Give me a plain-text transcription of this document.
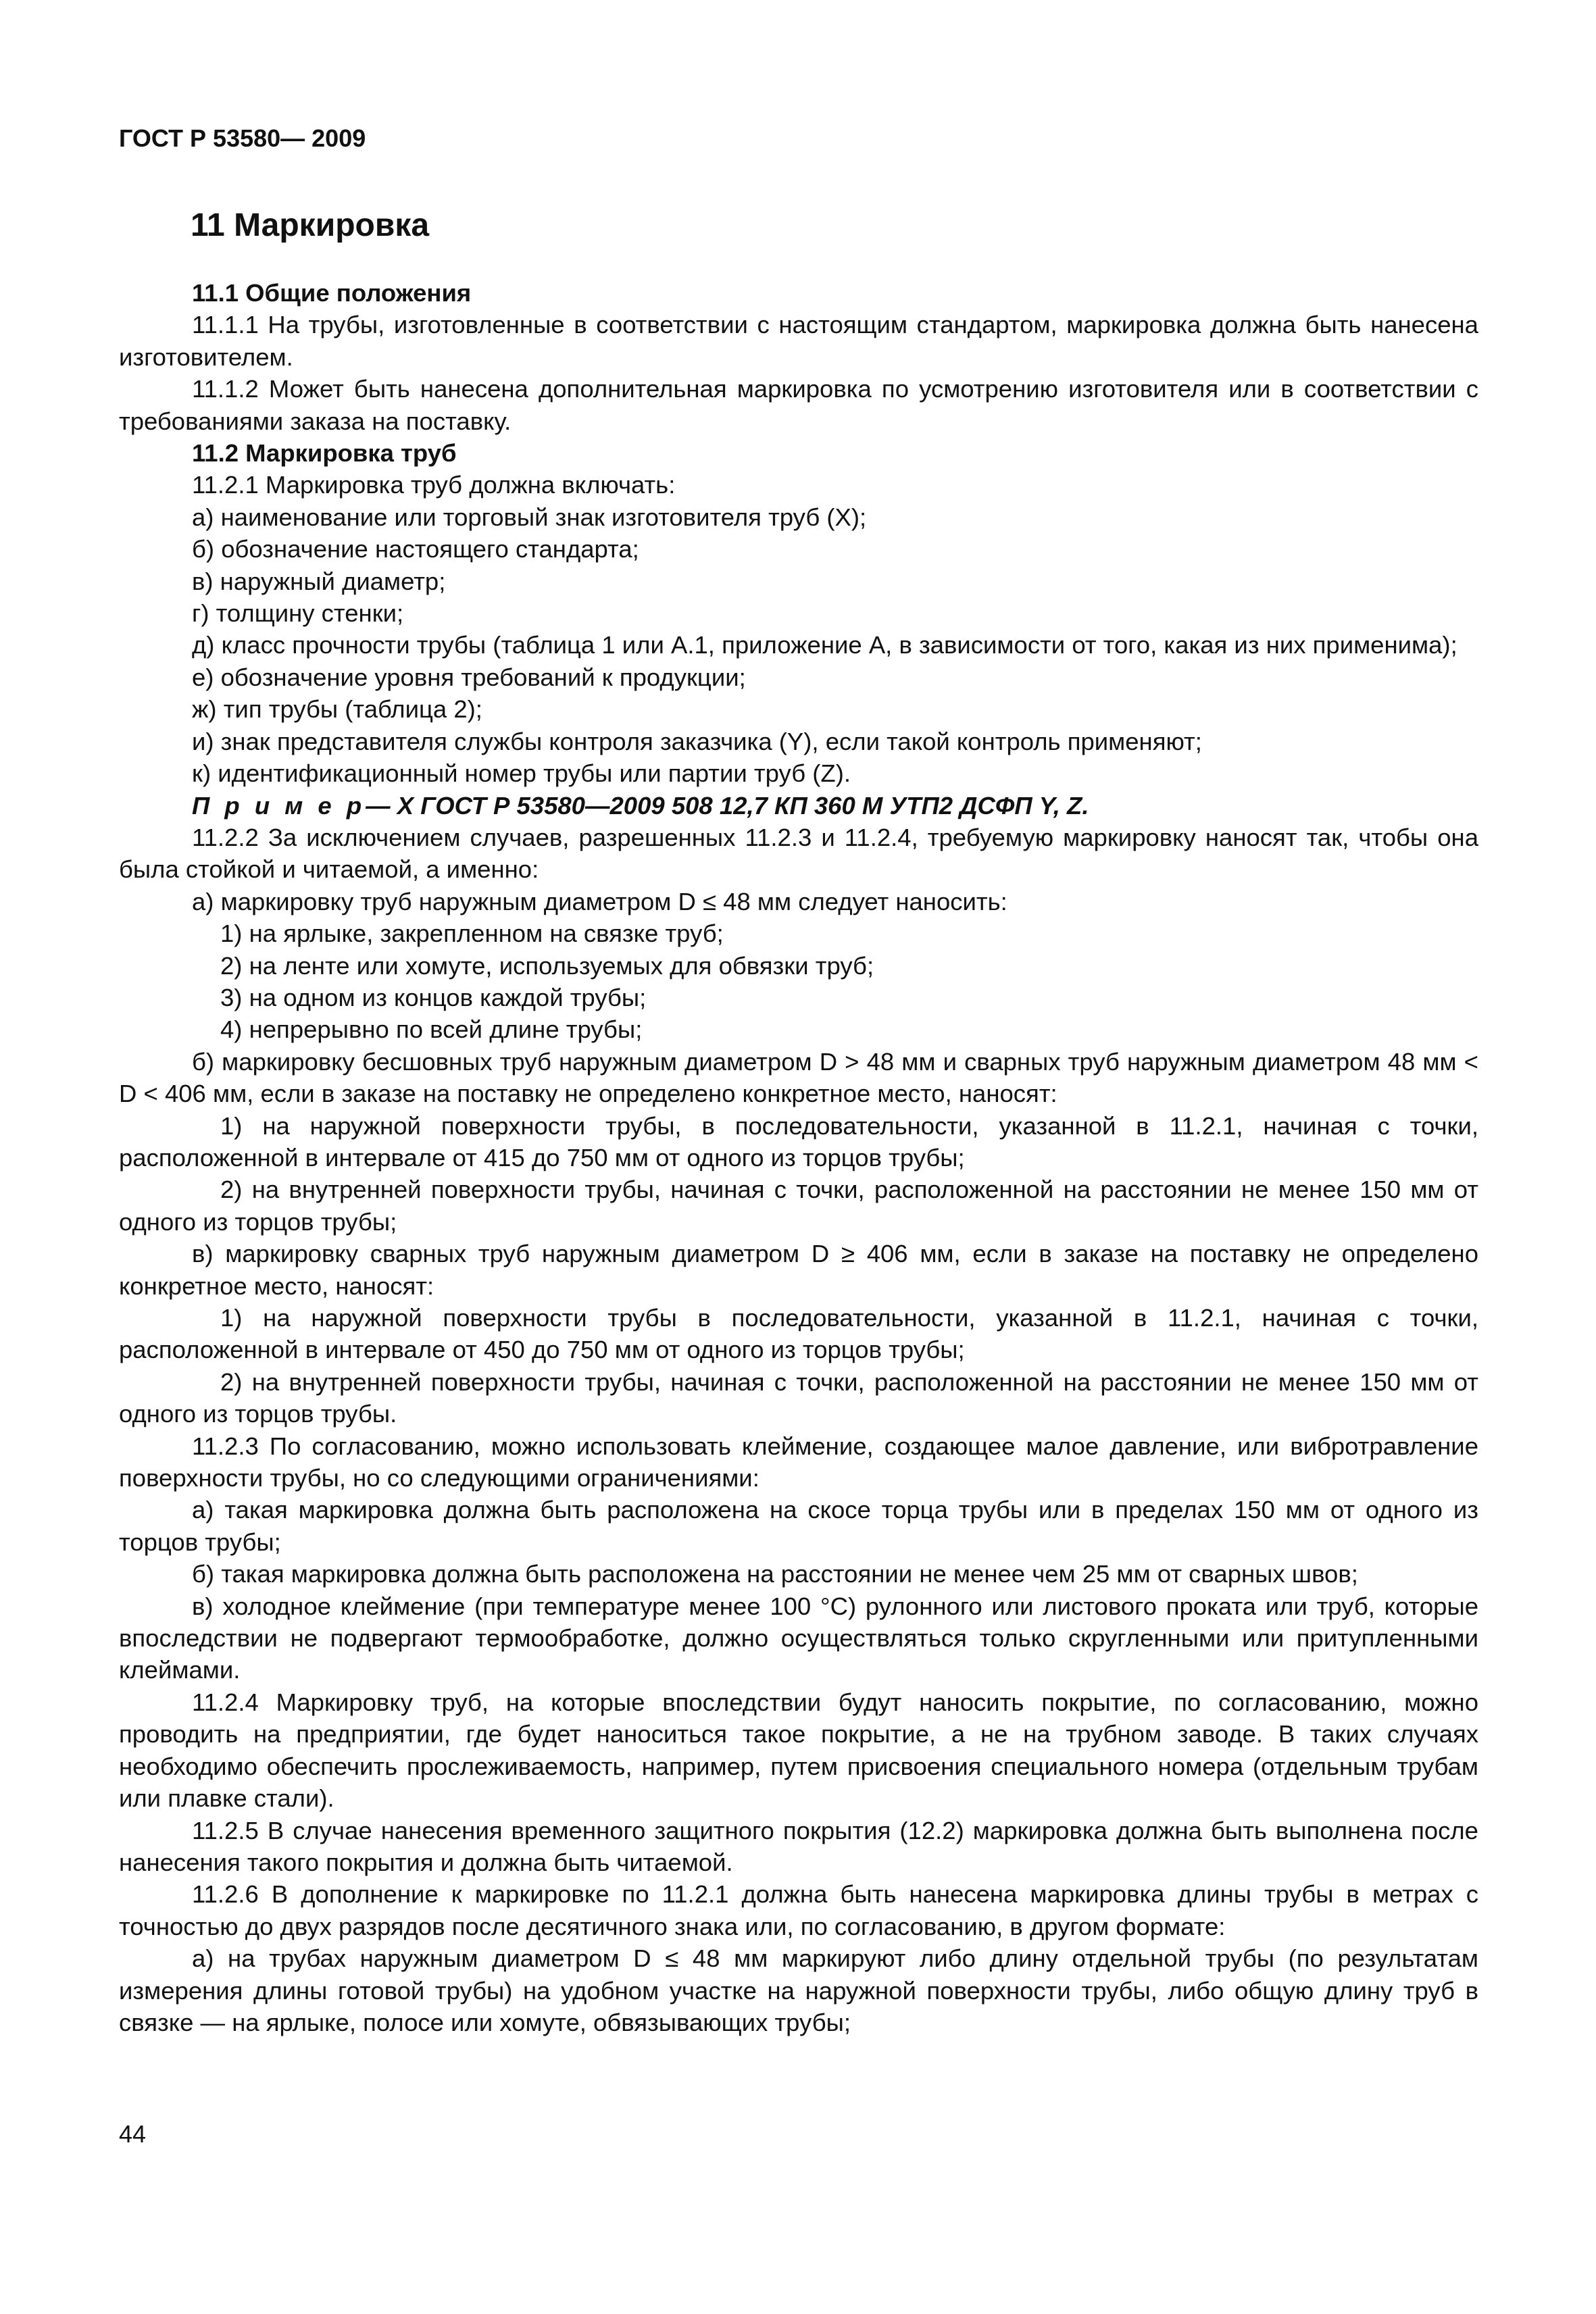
ГОСТ Р 53580— 2009
11 Маркировка

11.1 Общие положения

11.1.1 На трубы, изготовленные в соответствии с настоящим стандартом, маркировка должна быть нанесена изготовителем.

11.1.2 Может быть нанесена дополнительная маркировка по усмотрению изготовителя или в соответствии с требованиями заказа на поставку.

11.2 Маркировка труб

11.2.1 Маркировка труб должна включать:

а) наименование или торговый знак изготовителя труб (X);

б) обозначение настоящего стандарта;

в) наружный диаметр;

г) толщину стенки;

д) класс прочности трубы (таблица 1 или А.1, приложение А, в зависимости от того, какая из них применима);

е) обозначение уровня требований к продукции;

ж) тип трубы (таблица 2);

и) знак представителя службы контроля заказчика (Y), если такой контроль применяют;

к) идентификационный номер трубы или партии труб (Z).

П р и м е р— X ГОСТ Р 53580—2009 508 12,7 КП 360 М УТП2 ДСФП Y, Z.

11.2.2 За исключением случаев, разрешенных 11.2.3 и 11.2.4, требуемую маркировку наносят так, чтобы она была стойкой и читаемой, а именно:

а) маркировку труб наружным диаметром D ≤ 48 мм следует наносить:

1) на ярлыке, закрепленном на связке труб;

2) на ленте или хомуте, используемых для обвязки труб;

3) на одном из концов каждой трубы;

4) непрерывно по всей длине трубы;

б) маркировку бесшовных труб наружным диаметром D > 48 мм и сварных труб наружным диаметром 48 мм < D < 406 мм, если в заказе на поставку не определено конкретное место, наносят:

1) на наружной поверхности трубы, в последовательности, указанной в 11.2.1, начиная с точки, расположенной в интервале от 415 до 750 мм от одного из торцов трубы;

2) на внутренней поверхности трубы, начиная с точки, расположенной на расстоянии не менее 150 мм от одного из торцов трубы;

в) маркировку сварных труб наружным диаметром D ≥ 406 мм, если в заказе на поставку не определено конкретное место, наносят:

1) на наружной поверхности трубы в последовательности, указанной в 11.2.1, начиная с точки, расположенной в интервале от 450 до 750 мм от одного из торцов трубы;

2) на внутренней поверхности трубы, начиная с точки, расположенной на расстоянии не менее 150 мм от одного из торцов трубы.

11.2.3 По согласованию, можно использовать клеймение, создающее малое давление, или вибротравление поверхности трубы, но со следующими ограничениями:

а) такая маркировка должна быть расположена на скосе торца трубы или в пределах 150 мм от одного из торцов трубы;

б) такая маркировка должна быть расположена на расстоянии не менее чем 25 мм от сварных швов;

в) холодное клеймение (при температуре менее 100 °С) рулонного или листового проката или труб, которые впоследствии не подвергают термообработке, должно осуществляться только скругленными или притупленными клеймами.

11.2.4 Маркировку труб, на которые впоследствии будут наносить покрытие, по согласованию, можно проводить на предприятии, где будет наноситься такое покрытие, а не на трубном заводе. В таких случаях необходимо обеспечить прослеживаемость, например, путем присвоения специального номера (отдельным трубам или плавке стали).

11.2.5 В случае нанесения временного защитного покрытия (12.2) маркировка должна быть выполнена после нанесения такого покрытия и должна быть читаемой.

11.2.6 В дополнение к маркировке по 11.2.1 должна быть нанесена маркировка длины трубы в метрах с точностью до двух разрядов после десятичного знака или, по согласованию, в другом формате:

а) на трубах наружным диаметром D ≤ 48 мм маркируют либо длину отдельной трубы (по результатам измерения длины готовой трубы) на удобном участке на наружной поверхности трубы, либо общую длину труб в связке — на ярлыке, полосе или хомуте, обвязывающих трубы;

44
